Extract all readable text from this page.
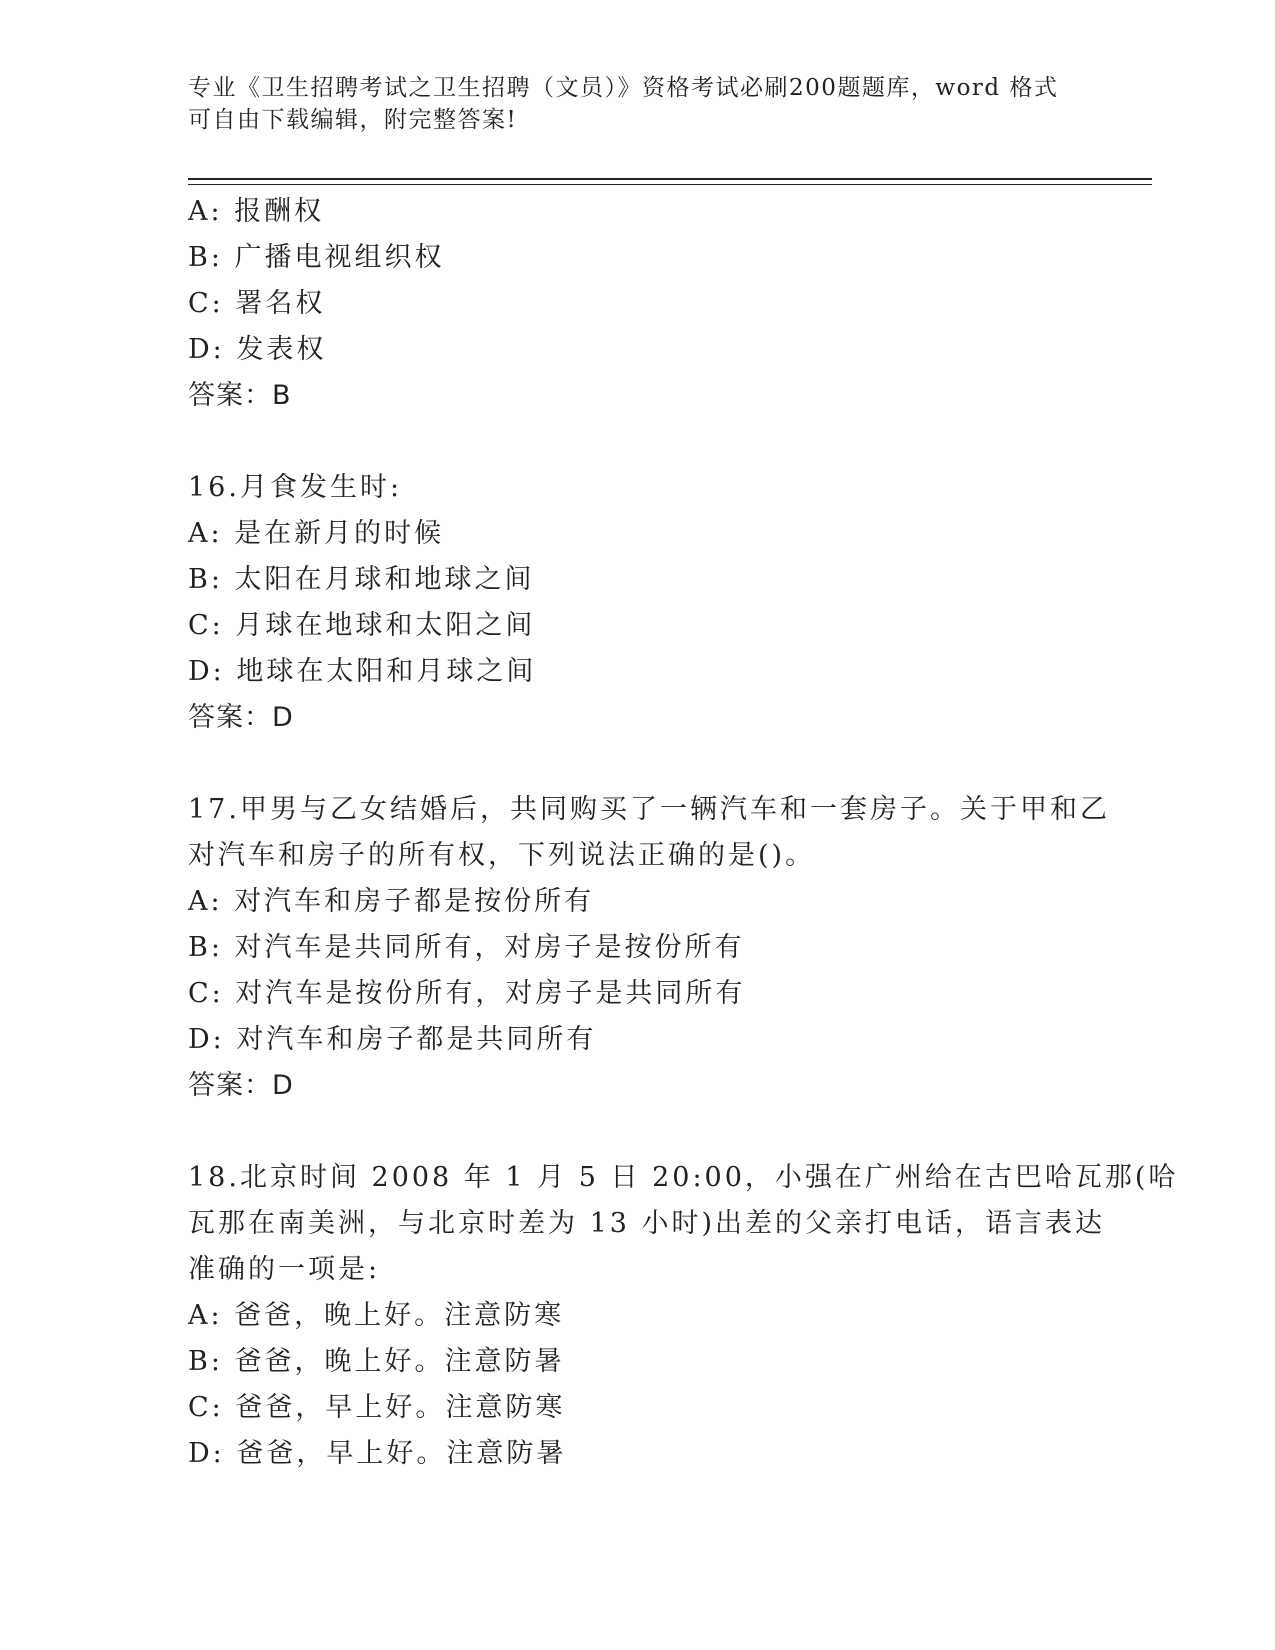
专业《卫生招聘考试之卫生招聘（文员）》资格考试必刷200题题库，word 格式
可自由下载编辑，附完整答案!
A: 报酬权
B: 广播电视组织权
C: 署名权
D: 发表权
答案：B
16.月食发生时:
A: 是在新月的时候
B: 太阳在月球和地球之间
C: 月球在地球和太阳之间
D: 地球在太阳和月球之间
答案：D
17.甲男与乙女结婚后，共同购买了一辆汽车和一套房子。关于甲和乙
对汽车和房子的所有权，下列说法正确的是()。
A: 对汽车和房子都是按份所有
B: 对汽车是共同所有，对房子是按份所有
C: 对汽车是按份所有，对房子是共同所有
D: 对汽车和房子都是共同所有
答案：D
18.北京时间 2008 年 1 月 5 日 20:00，小强在广州给在古巴哈瓦那(哈
瓦那在南美洲，与北京时差为 13 小时)出差的父亲打电话，语言表达
准确的一项是:
A: 爸爸，晚上好。注意防寒
B: 爸爸，晚上好。注意防暑
C: 爸爸，早上好。注意防寒
D: 爸爸，早上好。注意防暑
